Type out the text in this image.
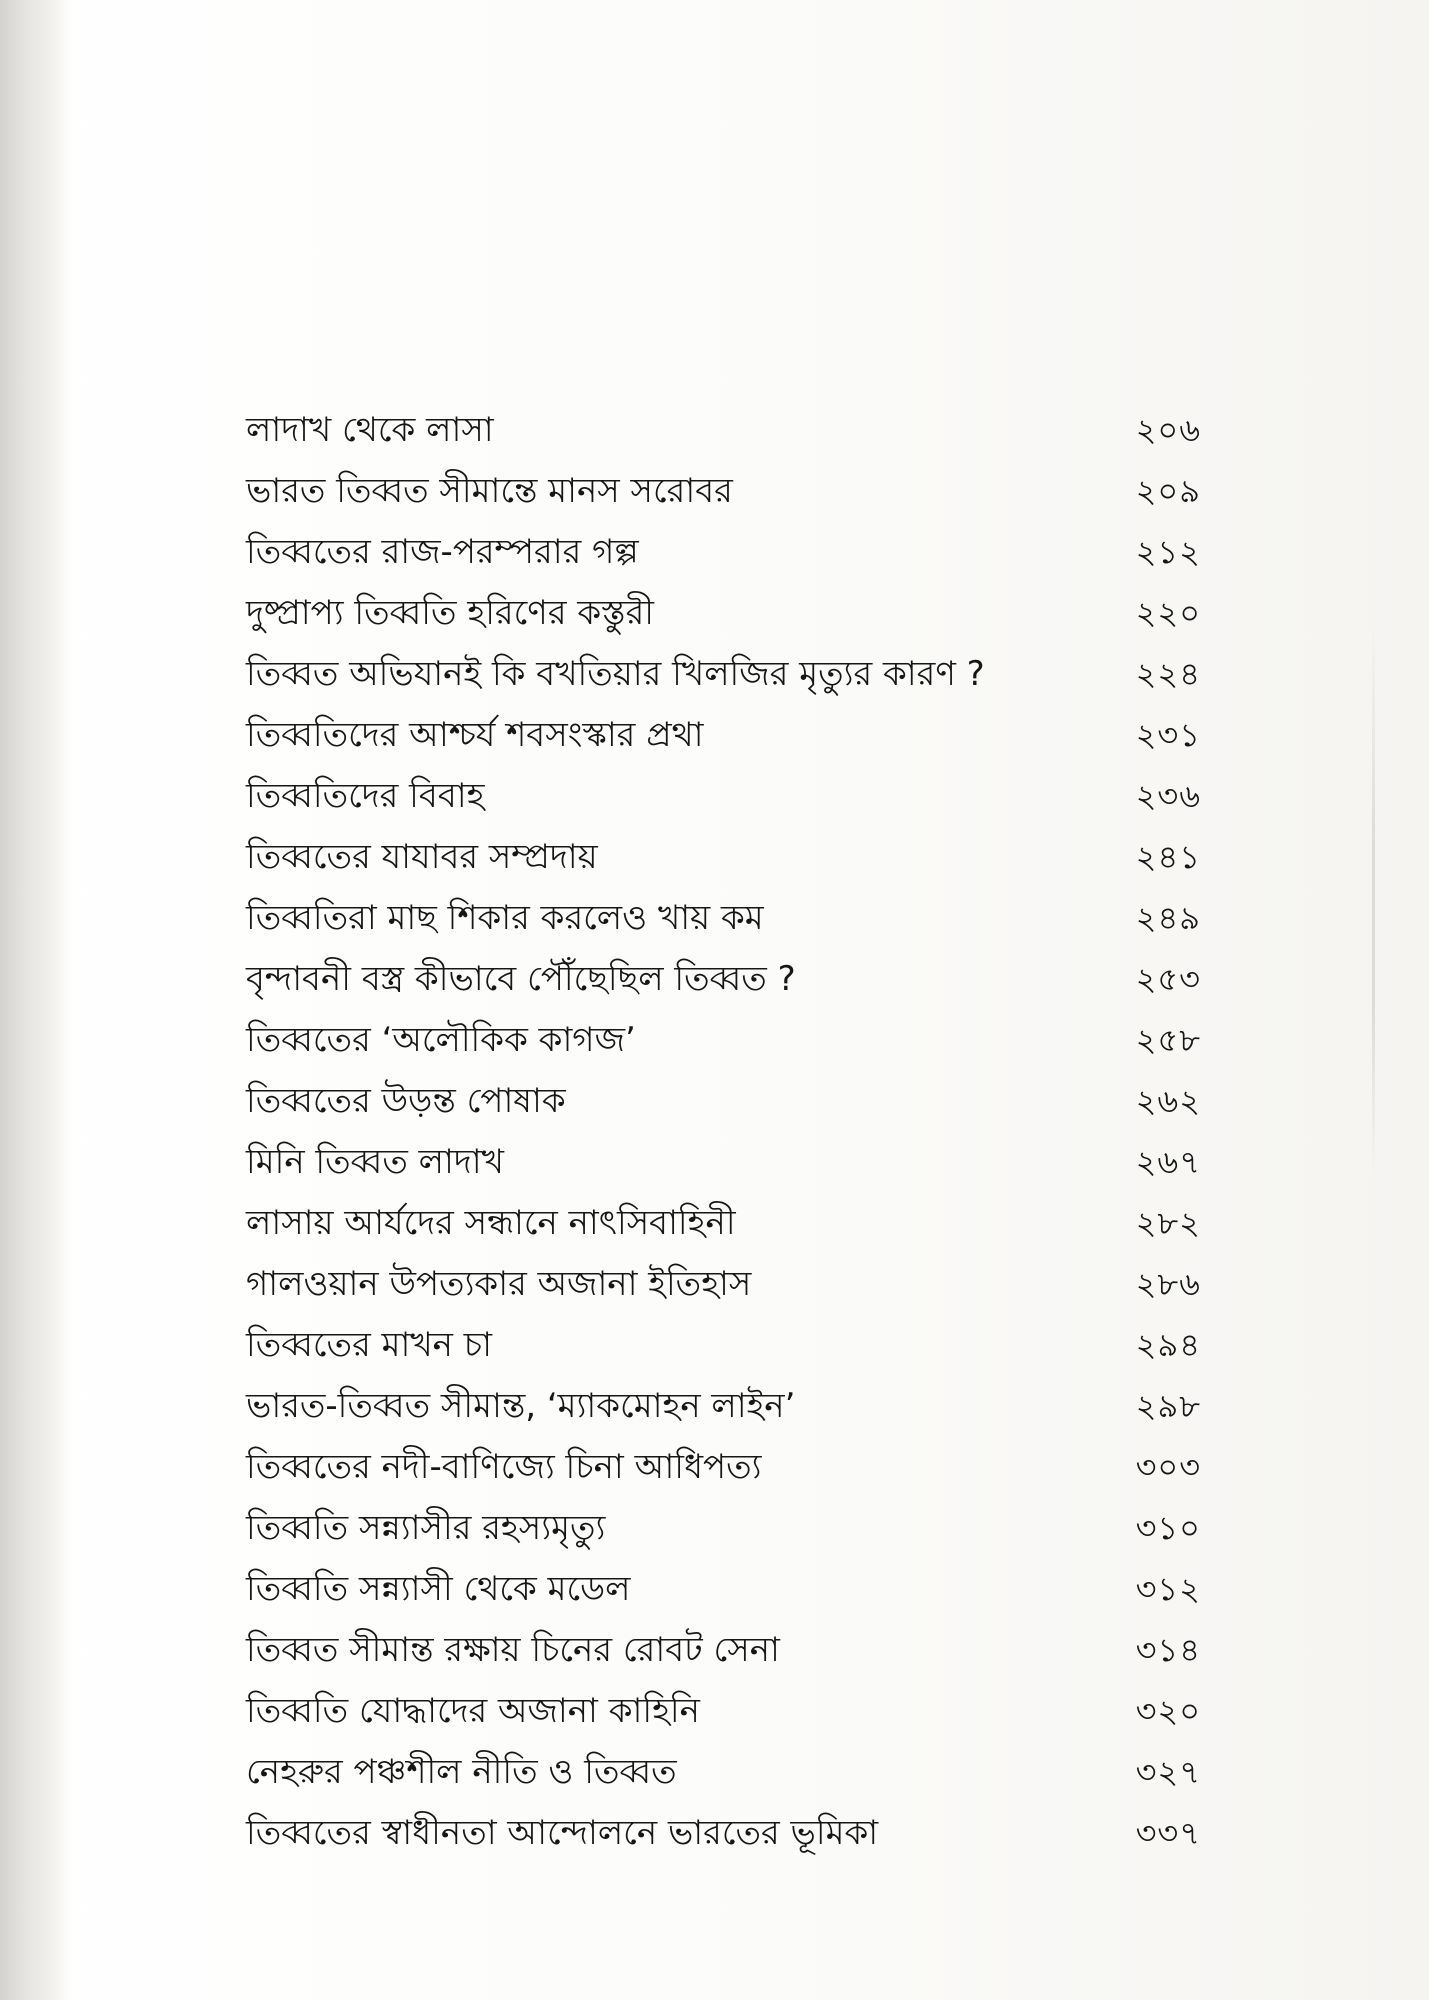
লাদাখ থেকে লাসা	২০৬
ভারত তিব্বত সীমান্তে মানস সরোবর	২০৯
তিব্বতের রাজ-পরম্পরার গল্প	২১২
দুষ্প্রাপ্য তিব্বতি হরিণের কস্তুরী	২২০
তিব্বত অভিযানই কি বখতিয়ার খিলজির মৃত্যুর কারণ ?	২২৪
তিব্বতিদের আশ্চর্য শবসংস্কার প্রথা	২৩১
তিব্বতিদের বিবাহ	২৩৬
তিব্বতের যাযাবর সম্প্রদায়	২৪১
তিব্বতিরা মাছ শিকার করলেও খায় কম	২৪৯
বৃন্দাবনী বস্ত্র কীভাবে পৌঁছেছিল তিব্বত ?	২৫৩
তিব্বতের ‘অলৌকিক কাগজ’	২৫৮
তিব্বতের উড়ন্ত পোষাক	২৬২
মিনি তিব্বত লাদাখ	২৬৭
লাসায় আর্যদের সন্ধানে নাৎসিবাহিনী	২৮২
গালওয়ান উপত্যকার অজানা ইতিহাস	২৮৬
তিব্বতের মাখন চা	২৯৪
ভারত-তিব্বত সীমান্ত, ‘ম্যাকমোহন লাইন’	২৯৮
তিব্বতের নদী-বাণিজ্যে চিনা আধিপত্য	৩০৩
তিব্বতি সন্ন্যাসীর রহস্যমৃত্যু	৩১০
তিব্বতি সন্ন্যাসী থেকে মডেল	৩১২
তিব্বত সীমান্ত রক্ষায় চিনের রোবট সেনা	৩১৪
তিব্বতি যোদ্ধাদের অজানা কাহিনি	৩২০
নেহরুর পঞ্চশীল নীতি ও তিব্বত	৩২৭
তিব্বতের স্বাধীনতা আন্দোলনে ভারতের ভূমিকা	৩৩৭
